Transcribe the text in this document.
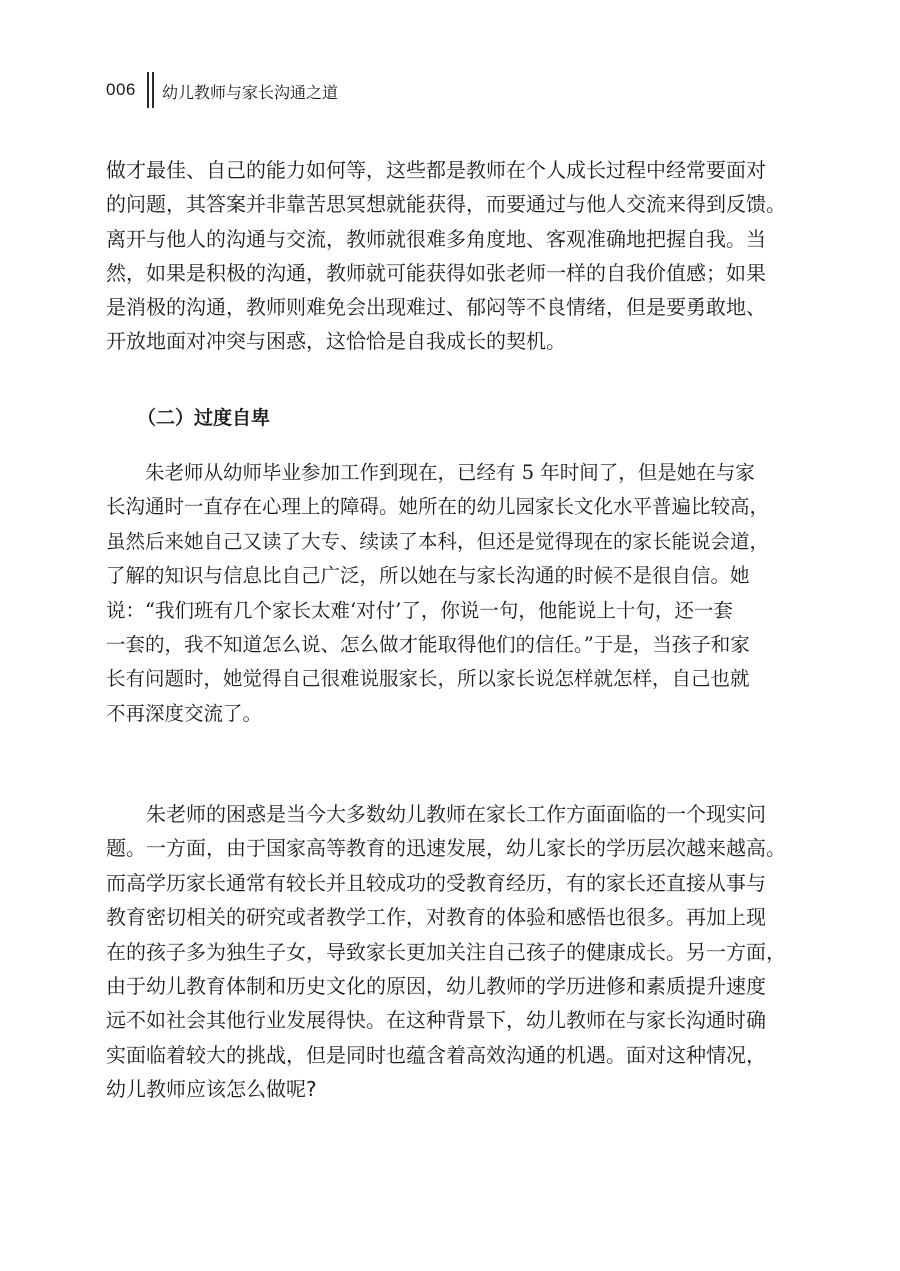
006 幼儿教师与家长沟通之道
做才最佳、自己的能力如何等，这些都是教师在个人成长过程中经常要面对
的问题，其答案并非靠苦思冥想就能获得，而要通过与他人交流来得到反馈。
离开与他人的沟通与交流，教师就很难多角度地、客观准确地把握自我。当
然，如果是积极的沟通，教师就可能获得如张老师一样的自我价值感；如果
是消极的沟通，教师则难免会出现难过、郁闷等不良情绪，但是要勇敢地、
开放地面对冲突与困惑，这恰恰是自我成长的契机。
（二）过度自卑
　　朱老师从幼师毕业参加工作到现在，已经有 5 年时间了，但是她在与家
长沟通时一直存在心理上的障碍。她所在的幼儿园家长文化水平普遍比较高，
虽然后来她自己又读了大专、续读了本科，但还是觉得现在的家长能说会道，
了解的知识与信息比自己广泛，所以她在与家长沟通的时候不是很自信。她
说：“我们班有几个家长太难‘对付’了，你说一句，他能说上十句，还一套
一套的，我不知道怎么说、怎么做才能取得他们的信任。”于是，当孩子和家
长有问题时，她觉得自己很难说服家长，所以家长说怎样就怎样，自己也就
不再深度交流了。
　　朱老师的困惑是当今大多数幼儿教师在家长工作方面面临的一个现实问
题。一方面，由于国家高等教育的迅速发展，幼儿家长的学历层次越来越高。
而高学历家长通常有较长并且较成功的受教育经历，有的家长还直接从事与
教育密切相关的研究或者教学工作，对教育的体验和感悟也很多。再加上现
在的孩子多为独生子女，导致家长更加关注自己孩子的健康成长。另一方面，
由于幼儿教育体制和历史文化的原因，幼儿教师的学历进修和素质提升速度
远不如社会其他行业发展得快。在这种背景下，幼儿教师在与家长沟通时确
实面临着较大的挑战，但是同时也蕴含着高效沟通的机遇。面对这种情况，
幼儿教师应该怎么做呢?
